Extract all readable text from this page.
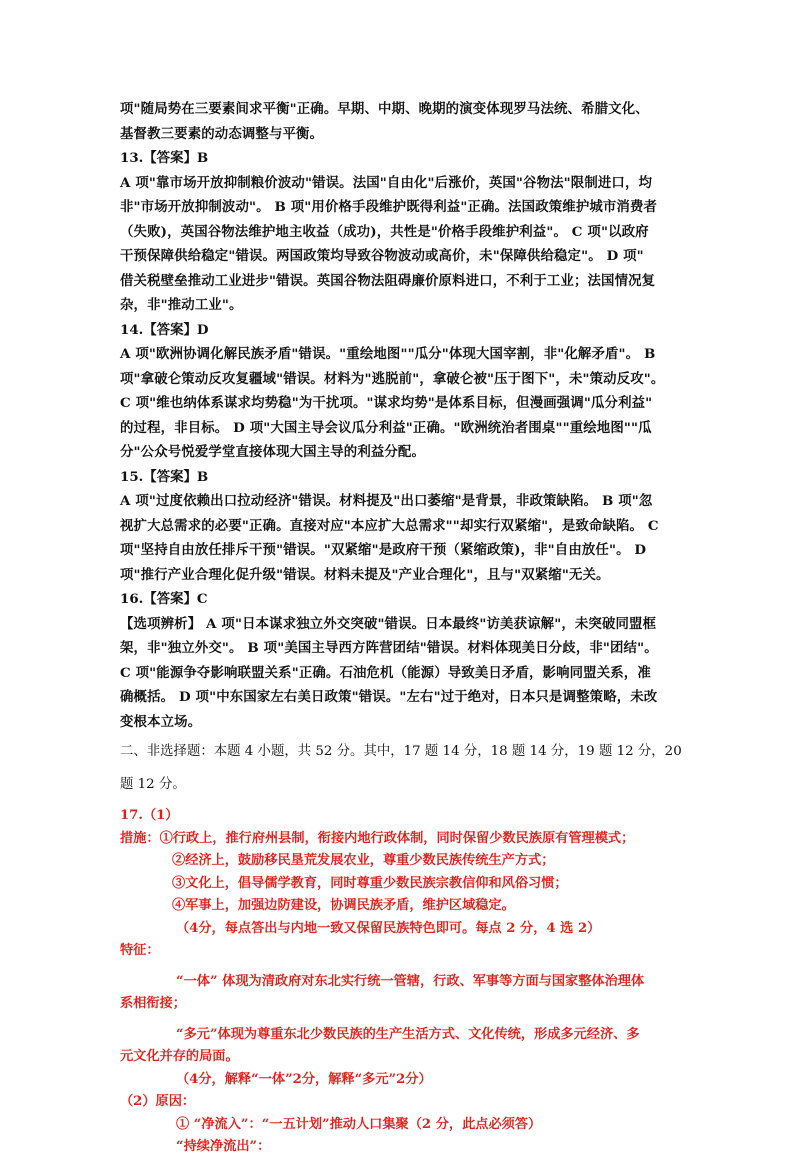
项"随局势在三要素间求平衡"正确。早期、中期、晚期的演变体现罗马法统、希腊文化、

基督教三要素的动态调整与平衡。

13.【答案】B

A 项"靠市场开放抑制粮价波动"错误。法国"自由化"后涨价，英国"谷物法"限制进口，均

非"市场开放抑制波动"。 B 项"用价格手段维护既得利益"正确。法国政策维护城市消费者

（失败)，英国谷物法维护地主收益（成功)，共性是"价格手段维护利益"。 C 项"以政府

干预保障供给稳定"错误。两国政策均导致谷物波动或高价，未"保障供给稳定"。 D 项"

借关税壁垒推动工业进步"错误。英国谷物法阻碍廉价原料进口，不利于工业；法国情况复

杂，非"推动工业"。

14.【答案】D

A 项"欧洲协调化解民族矛盾"错误。"重绘地图""瓜分"体现大国宰割，非"化解矛盾"。 B

项"拿破仑策动反攻复疆域"错误。材料为"逃脱前"，拿破仑被"压于图下"，未"策动反攻"。

C 项"维也纳体系谋求均势稳"为干扰项。"谋求均势"是体系目标，但漫画强调"瓜分利益"

的过程，非目标。 D 项"大国主导会议瓜分利益"正确。"欧洲统治者围桌""重绘地图""瓜

分"公众号悦爱学堂直接体现大国主导的利益分配。

15.【答案】B

A 项"过度依赖出口拉动经济"错误。材料提及"出口萎缩"是背景，非政策缺陷。 B 项"忽

视扩大总需求的必要"正确。直接对应"本应扩大总需求""却实行双紧缩"，是致命缺陷。 C

项"坚持自由放任排斥干预"错误。"双紧缩"是政府干预（紧缩政策)，非"自由放任"。 D

项"推行产业合理化促升级"错误。材料未提及"产业合理化"，且与"双紧缩"无关。

16.【答案】C

【选项辨析】 A 项"日本谋求独立外交突破"错误。日本最终"访美获谅解"，未突破同盟框

架，非"独立外交"。 B 项"美国主导西方阵营团结"错误。材料体现美日分歧，非"团结"。

C 项"能源争夺影响联盟关系"正确。石油危机（能源）导致美日矛盾，影响同盟关系，准

确概括。 D 项"中东国家左右美日政策"错误。"左右"过于绝对，日本只是调整策略，未改

变根本立场。

二、非选择题：本题 4 小题，共 52 分。其中，17 题 14 分，18 题 14 分，19 题 12 分，20

题 12 分。

17.（1）

措施：①行政上，推行府州县制，衔接内地行政体制，同时保留少数民族原有管理模式；

②经济上，鼓励移民垦荒发展农业，尊重少数民族传统生产方式；

③文化上，倡导儒学教育，同时尊重少数民族宗教信仰和风俗习惯；

④军事上，加强边防建设，协调民族矛盾，维护区域稳定。

（4分，每点答出与内地一致又保留民族特色即可。每点 2 分，4 选 2）

特征：

“一体” 体现为清政府对东北实行统一管辖，行政、军事等方面与国家整体治理体

系相衔接；

“多元”体现为尊重东北少数民族的生产生活方式、文化传统，形成多元经济、多

元文化并存的局面。

（4分，解释“一体”2分，解释“多元”2分）

（2）原因：

① “净流入”：“一五计划”推动人口集聚（2 分，此点必须答）

“持续净流出”：
